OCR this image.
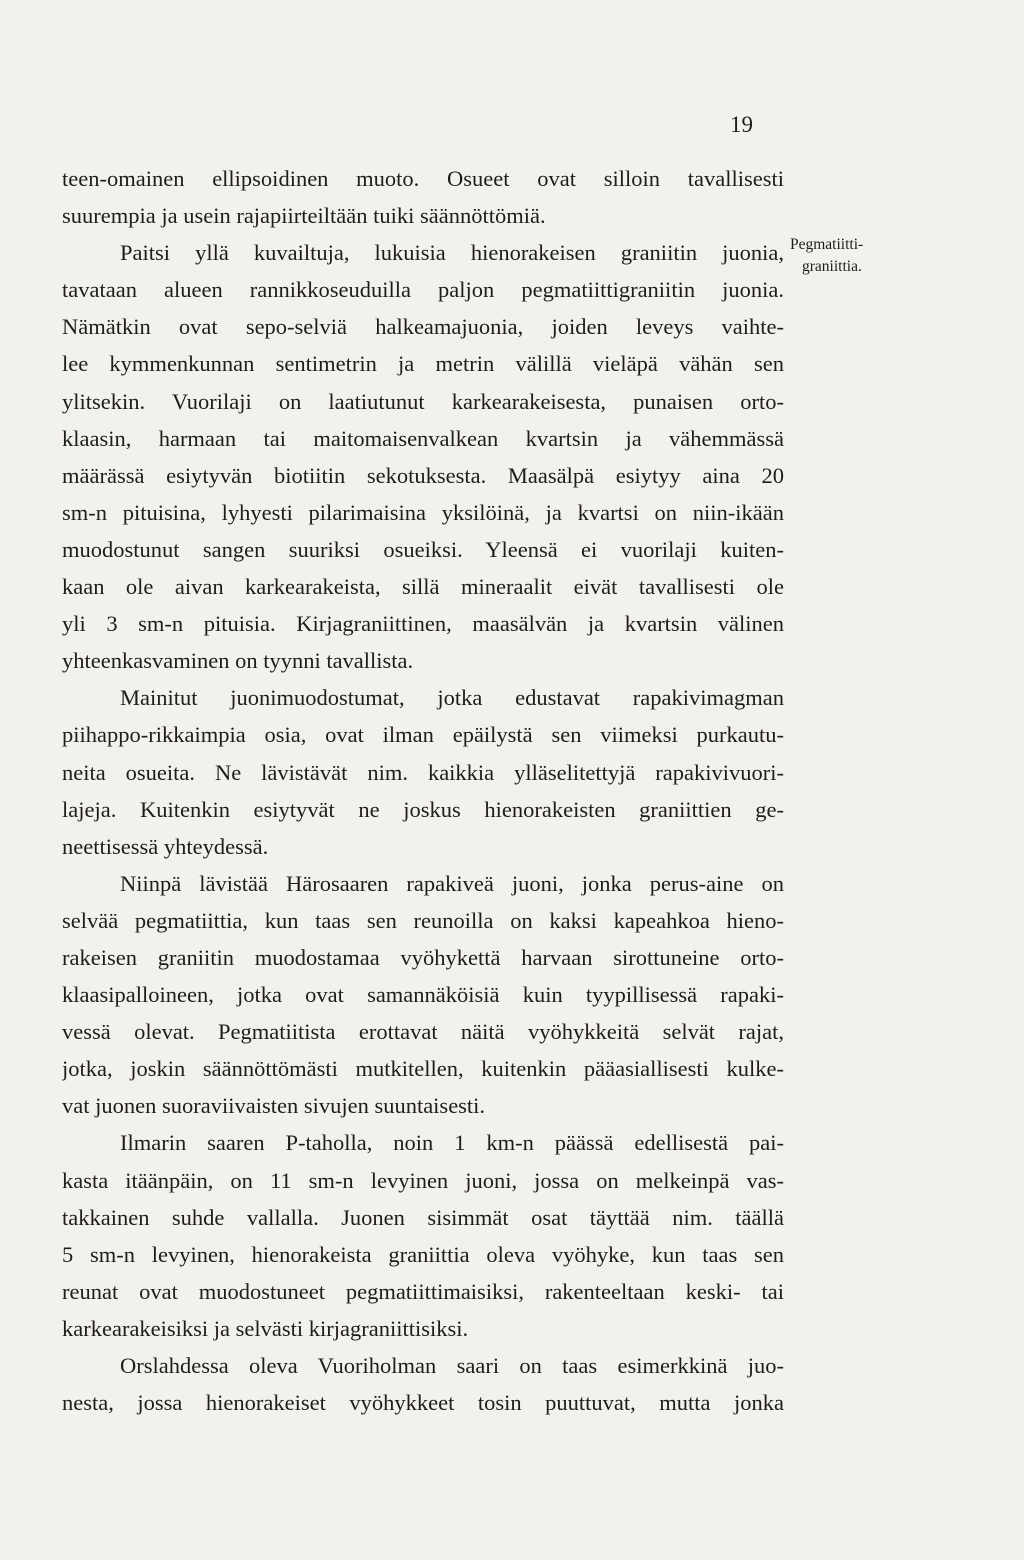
19
Pegmatiitti-
graniittia.
teen-omainen ellipsoidinen muoto. Osueet ovat silloin tavallisesti
suurempia ja usein rajapiirteiltään tuiki säännöttömiä.
Paitsi yllä kuvailtuja, lukuisia hienorakeisen graniitin juonia,
tavataan alueen rannikkoseuduilla paljon pegmatiittigraniitin juonia.
Nämätkin ovat sepo-selviä halkeamajuonia, joiden leveys vaihte-
lee kymmenkunnan sentimetrin ja metrin välillä vieläpä vähän sen
ylitsekin. Vuorilaji on laatiutunut karkearakeisesta, punaisen orto-
klaasin, harmaan tai maitomaisenvalkean kvartsin ja vähemmässä
määrässä esiytyvän biotiitin sekotuksesta. Maasälpä esiytyy aina 20
sm-n pituisina, lyhyesti pilarimaisina yksilöinä, ja kvartsi on niin-ikään
muodostunut sangen suuriksi osueiksi. Yleensä ei vuorilaji kuiten-
kaan ole aivan karkearakeista, sillä mineraalit eivät tavallisesti ole
yli 3 sm-n pituisia. Kirjagraniittinen, maasälvän ja kvartsin välinen
yhteenkasvaminen on tyynni tavallista.
Mainitut juonimuodostumat, jotka edustavat rapakivimagman
piihappo-rikkaimpia osia, ovat ilman epäilystä sen viimeksi purkautu-
neita osueita. Ne lävistävät nim. kaikkia ylläselitettyjä rapakivivuori-
lajeja. Kuitenkin esiytyvät ne joskus hienorakeisten graniittien ge-
neettisessä yhteydessä.
Niinpä lävistää Härosaaren rapakiveä juoni, jonka perus-aine on
selvää pegmatiittia, kun taas sen reunoilla on kaksi kapeahkoa hieno-
rakeisen graniitin muodostamaa vyöhykettä harvaan sirottuneine orto-
klaasipalloineen, jotka ovat samannäköisiä kuin tyypillisessä rapaki-
vessä olevat. Pegmatiitista erottavat näitä vyöhykkeitä selvät rajat,
jotka, joskin säännöttömästi mutkitellen, kuitenkin pääasiallisesti kulke-
vat juonen suoraviivaisten sivujen suuntaisesti.
Ilmarin saaren P-taholla, noin 1 km-n päässä edellisestä pai-
kasta itäänpäin, on 11 sm-n levyinen juoni, jossa on melkeinpä vas-
takkainen suhde vallalla. Juonen sisimmät osat täyttää nim. täällä
5 sm-n levyinen, hienorakeista graniittia oleva vyöhyke, kun taas sen
reunat ovat muodostuneet pegmatiittimaisiksi, rakenteeltaan keski- tai
karkearakeisiksi ja selvästi kirjagraniittisiksi.
Orslahdessa oleva Vuoriholman saari on taas esimerkkinä juo-
nesta, jossa hienorakeiset vyöhykkeet tosin puuttuvat, mutta jonka
